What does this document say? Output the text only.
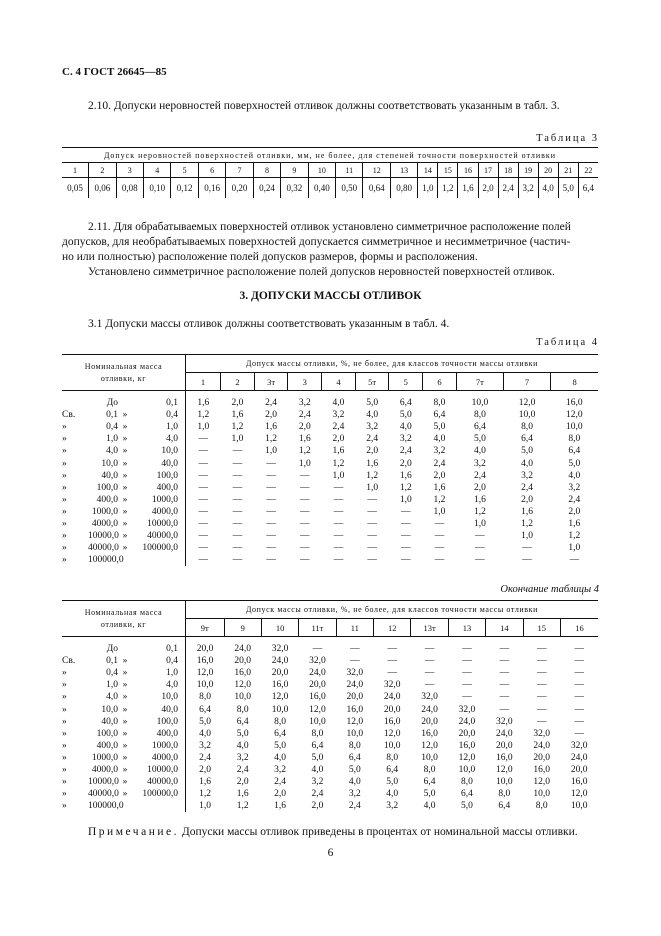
С. 4 ГОСТ 26645—85
2.10. Допуски неровностей поверхностей отливок должны соответствовать указанным в табл. 3.
Таблица 3
Допуск неровностей поверхностей отливки, мм, не более, для степеней точности поверхностей отливки																					
1	2	3	4	5	6	7	8	9	10	11	12	13	14	15	16	17	18	19	20	21	22
0,05	0,06	0,08	0,10	0,12	0,16	0,20	0,24	0,32	0,40	0,50	0,64	0,80	1,0	1,2	1,6	2,0	2,4	3,2	4,0	5,0	6,4
2.11. Для обрабатываемых поверхностей отливок установлено симметричное расположение полей
допусков, для необрабатываемых поверхностей допускается симметричное и несимметричное (частич-
но или полностью) расположение полей допусков размеров, формы и расположения.
Установлено симметричное расположение полей допусков неровностей поверхностей отливок.
3. ДОПУСКИ МАССЫ ОТЛИВОК
3.1 Допуски массы отливок должны соответствовать указанным в табл. 4.
Таблица 4
Номинальная масса
отливки, кг	Допуск массы отливки, %, не более, для классов точности массы отливки										
	1	2	3т	3	4	5т	5	6	7т	7	8
До 0,1	1,6	2,0	2,4	3,2	4,0	5,0	6,4	8,0	10,0	12,0	16,0
Св. 0,1 » 0,4	1,2	1,6	2,0	2,4	3,2	4,0	5,0	6,4	8,0	10,0	12,0
» 0,4 » 1,0	1,0	1,2	1,6	2,0	2,4	3,2	4,0	5,0	6,4	8,0	10,0
» 1,0 » 4,0	—	1,0	1,2	1,6	2,0	2,4	3,2	4,0	5,0	6,4	8,0
» 4,0 » 10,0	—	—	1,0	1,2	1,6	2,0	2,4	3,2	4,0	5,0	6,4
» 10,0 » 40,0	—	—	—	1,0	1,2	1,6	2,0	2,4	3,2	4,0	5,0
» 40,0 » 100,0	—	—	—	—	1,0	1,2	1,6	2,0	2,4	3,2	4,0
» 100,0 » 400,0	—	—	—	—	—	1,0	1,2	1,6	2,0	2,4	3,2
» 400,0 » 1000,0	—	—	—	—	—	—	1,0	1,2	1,6	2,0	2,4
» 1000,0 » 4000,0	—	—	—	—	—	—	—	1,0	1,2	1,6	2,0
» 4000,0 » 10000,0	—	—	—	—	—	—	—	—	1,0	1,2	1,6
» 10000,0 » 40000,0	—	—	—	—	—	—	—	—	—	1,0	1,2
» 40000,0 » 100000,0	—	—	—	—	—	—	—	—	—	—	1,0
» 100000,0	—	—	—	—	—	—	—	—	—	—	—
Окончание таблицы 4
Номинальная масса
отливки, кг	Допуск массы отливки, %, не более, для классов точности массы отливки										
	9т	9	10	11т	11	12	13т	13	14	15	16
До 0,1	20,0	24,0	32,0	—	—	—	—	—	—	—	—
Св. 0,1 » 0,4	16,0	20,0	24,0	32,0	—	—	—	—	—	—	—
» 0,4 » 1,0	12,0	16,0	20,0	24,0	32,0	—	—	—	—	—	—
» 1,0 » 4,0	10,0	12,0	16,0	20,0	24,0	32,0	—	—	—	—	—
» 4,0 » 10,0	8,0	10,0	12,0	16,0	20,0	24,0	32,0	—	—	—	—
» 10,0 » 40,0	6,4	8,0	10,0	12,0	16,0	20,0	24,0	32,0	—	—	—
» 40,0 » 100,0	5,0	6,4	8,0	10,0	12,0	16,0	20,0	24,0	32,0	—	—
» 100,0 » 400,0	4,0	5,0	6,4	8,0	10,0	12,0	16,0	20,0	24,0	32,0	—
» 400,0 » 1000,0	3,2	4,0	5,0	6,4	8,0	10,0	12,0	16,0	20,0	24,0	32,0
» 1000,0 » 4000,0	2,4	3,2	4,0	5,0	6,4	8,0	10,0	12,0	16,0	20,0	24,0
» 4000,0 » 10000,0	2,0	2,4	3,2	4,0	5,0	6,4	8,0	10,0	12,0	16,0	20,0
» 10000,0 » 40000,0	1,6	2,0	2,4	3,2	4,0	5,0	6,4	8,0	10,0	12,0	16,0
» 40000,0 » 100000,0	1,2	1,6	2,0	2,4	3,2	4,0	5,0	6,4	8,0	10,0	12,0
» 100000,0	1,0	1,2	1,6	2,0	2,4	3,2	4,0	5,0	6,4	8,0	10,0
Примечание. Допуски массы отливок приведены в процентах от номинальной массы отливки.
6
